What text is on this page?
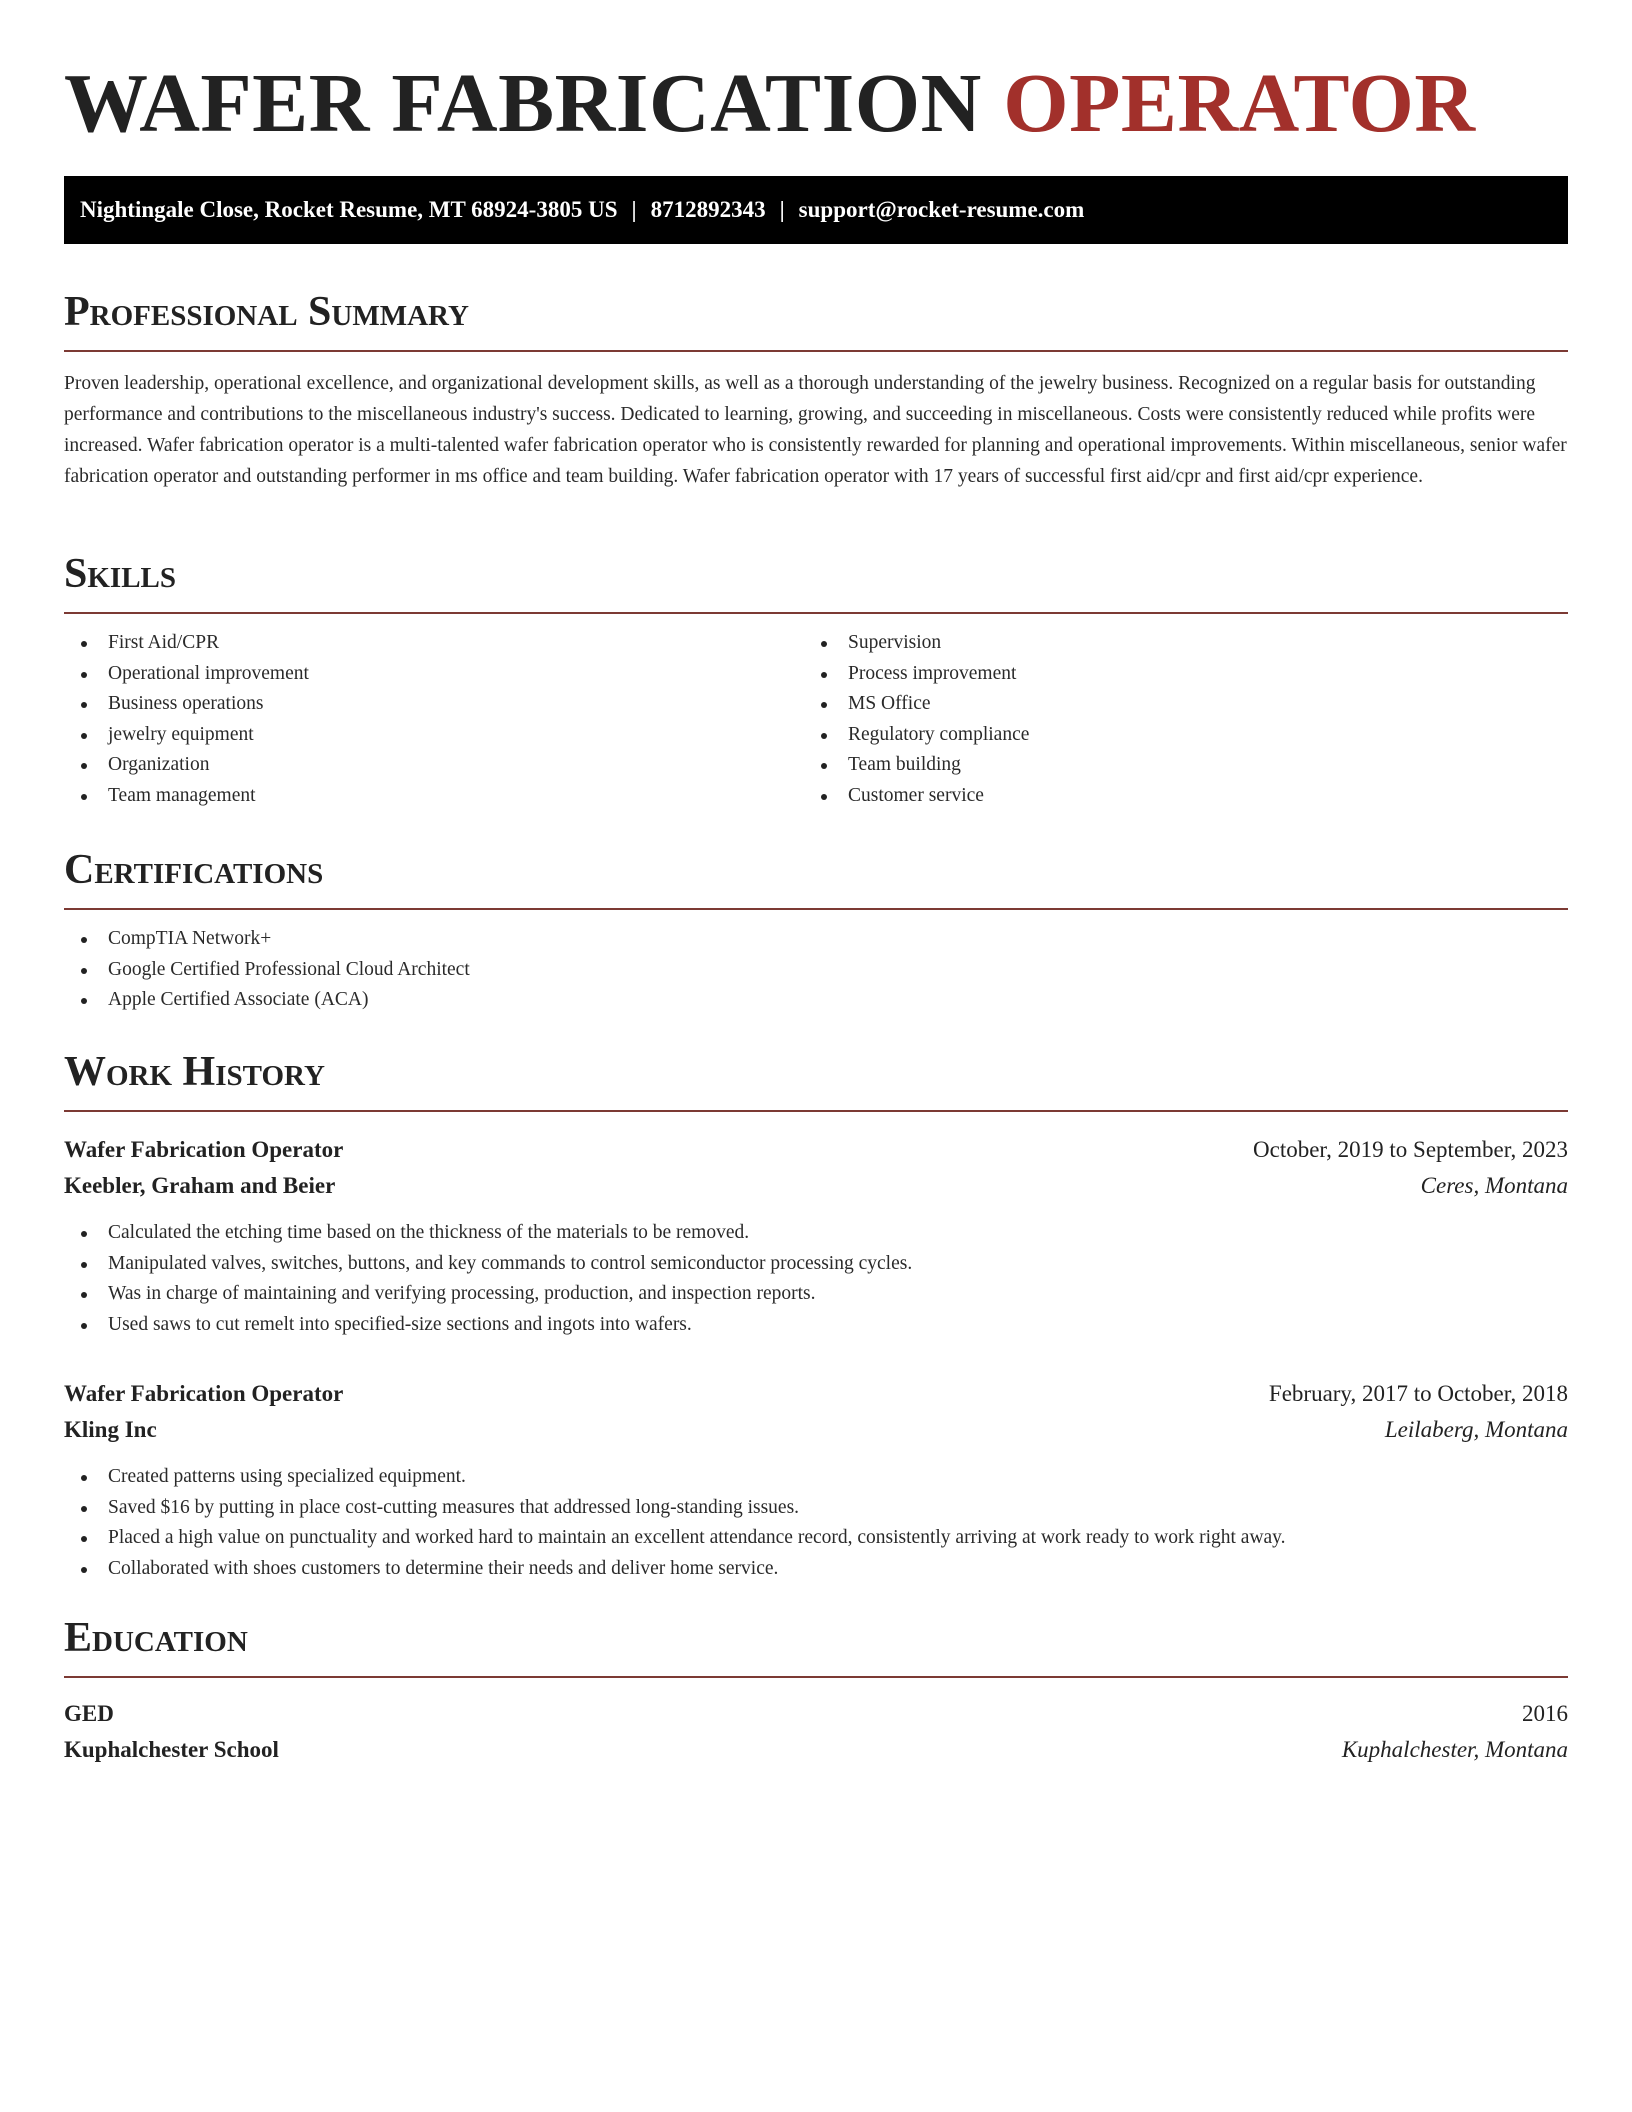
WAFER FABRICATION OPERATOR
Nightingale Close, Rocket Resume, MT 68924-3805 US | 8712892343 | support@rocket-resume.com
Professional Summary

Proven leadership, operational excellence, and organizational development skills, as well as a thorough understanding of the jewelry business. Recognized on a regular basis for outstanding performance and contributions to the miscellaneous industry's success. Dedicated to learning, growing, and succeeding in miscellaneous. Costs were consistently reduced while profits were increased. Wafer fabrication operator is a multi-talented wafer fabrication operator who is consistently rewarded for planning and operational improvements. Within miscellaneous, senior wafer fabrication operator and outstanding performer in ms office and team building. Wafer fabrication operator with 17 years of successful first aid/cpr and first aid/cpr experience.

Skills
First Aid/CPR
Operational improvement
Business operations
jewelry equipment
Organization
Team management
Supervision
Process improvement
MS Office
Regulatory compliance
Team building
Customer service
Certifications
CompTIA Network+
Google Certified Professional Cloud Architect
Apple Certified Associate (ACA)
Work History
Wafer Fabrication Operator	October, 2019 to September, 2023
Keebler, Graham and Beier	Ceres, Montana
Calculated the etching time based on the thickness of the materials to be removed.
Manipulated valves, switches, buttons, and key commands to control semiconductor processing cycles.
Was in charge of maintaining and verifying processing, production, and inspection reports.
Used saws to cut remelt into specified-size sections and ingots into wafers.
Wafer Fabrication Operator	February, 2017 to October, 2018
Kling Inc	Leilaberg, Montana
Created patterns using specialized equipment.
Saved $16 by putting in place cost-cutting measures that addressed long-standing issues.
Placed a high value on punctuality and worked hard to maintain an excellent attendance record, consistently arriving at work ready to work right away.
Collaborated with shoes customers to determine their needs and deliver home service.
Education
GED	2016
Kuphalchester School	Kuphalchester, Montana
